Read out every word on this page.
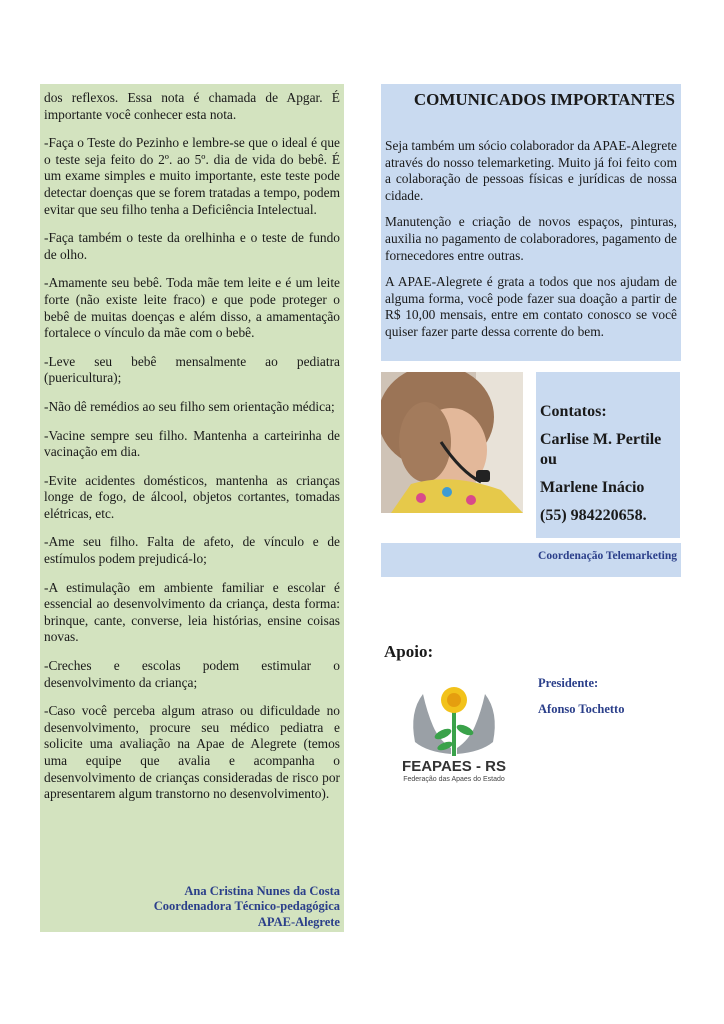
dos reflexos. Essa nota é chamada de Apgar. É importante você conhecer esta nota.

-Faça o Teste do Pezinho e lembre-se que o ideal é que o teste seja feito do 2º. ao 5º. dia de vida do bebê. É um exame simples e muito importante, este teste pode detectar doenças que se forem tratadas a tempo, podem evitar que seu filho tenha a Deficiência Intelectual.

-Faça também o teste da orelhinha e o teste de fundo de olho.

-Amamente seu bebê. Toda mãe tem leite e é um leite forte (não existe leite fraco) e que pode proteger o bebê de muitas doenças e além disso, a amamentação fortalece o vínculo da mãe com o bebê.

-Leve seu bebê mensalmente ao pediatra (puericultura);

-Não dê remédios ao seu filho sem orientação médica;

-Vacine sempre seu filho. Mantenha a carteirinha de vacinação em dia.

-Evite acidentes domésticos, mantenha as crianças longe de fogo, de álcool, objetos cortantes, tomadas elétricas, etc.

-Ame seu filho. Falta de afeto, de vínculo e de estímulos podem prejudicá-lo;

-A estimulação em ambiente familiar e escolar é essencial ao desenvolvimento da criança, desta forma: brinque, cante, converse, leia histórias, ensine coisas novas.

-Creches e escolas podem estimular o desenvolvimento da criança;

-Caso você perceba algum atraso ou dificuldade no desenvolvimento, procure seu médico pediatra e solicite uma avaliação na Apae de Alegrete (temos uma equipe que avalia e acompanha o desenvolvimento de crianças consideradas de risco por apresentarem algum transtorno no desenvolvimento).

Ana Cristina Nunes da Costa
Coordenadora Técnico-pedagógica
APAE-Alegrete
COMUNICADOS IMPORTANTES

Seja também um sócio colaborador da APAE-Alegrete através do nosso telemarketing. Muito já foi feito com a colaboração de pessoas físicas e jurídicas de nossa cidade.

Manutenção e criação de novos espaços, pinturas, auxilia no pagamento de colaboradores, pagamento de fornecedores entre outras.

A APAE-Alegrete é grata a todos que nos ajudam de alguma forma, você pode fazer sua doação a partir de R$ 10,00 mensais, entre em contato conosco se você quiser fazer parte dessa corrente do bem.

Contatos:
Carlise M. Pertile
ou
Marlene Inácio
(55) 984220658.
Coordenação Telemarketing
Apoio:
FEAPAES - RS
Federação das Apaes do Estado
Presidente:
Afonso Tochetto
